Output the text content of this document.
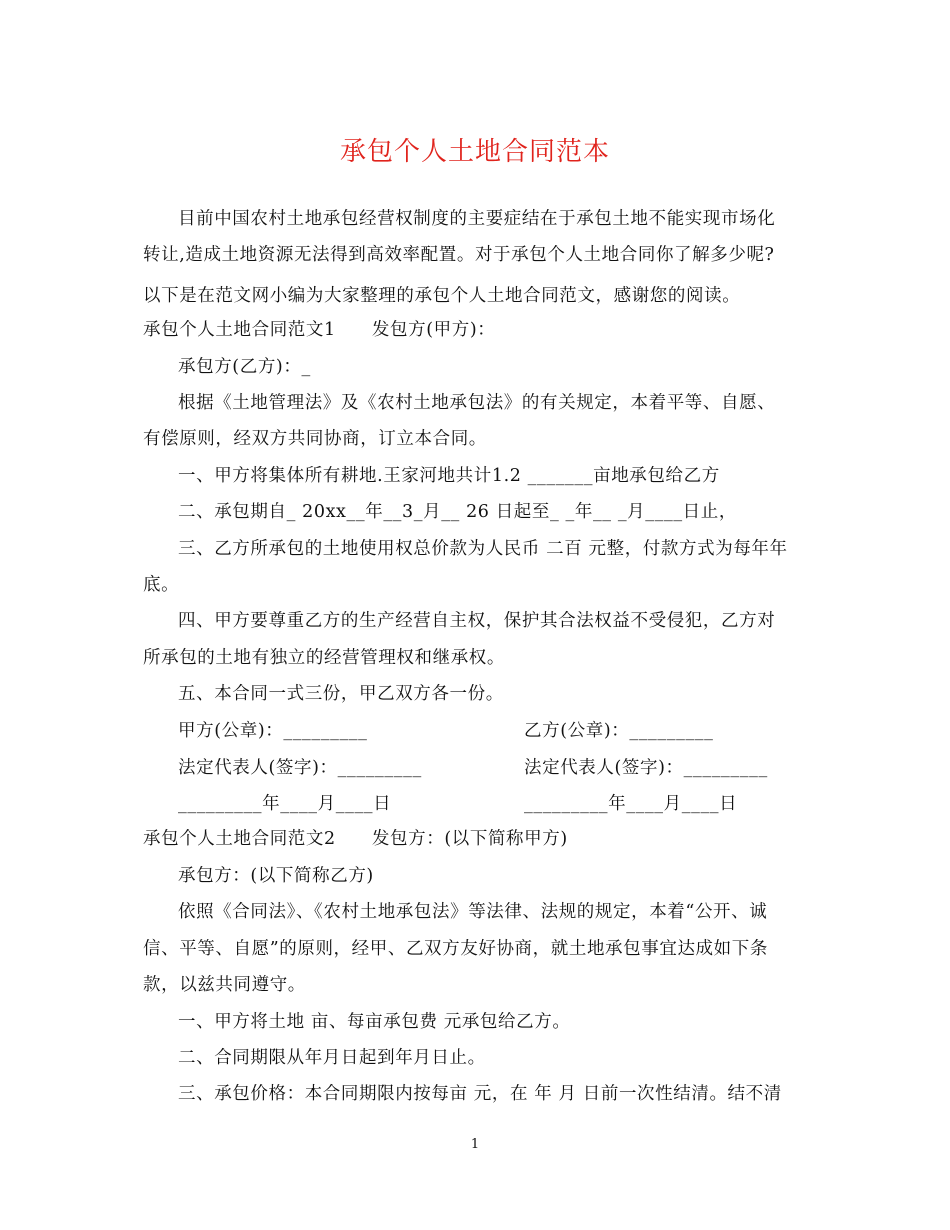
承包个人土地合同范本
目前中国农村土地承包经营权制度的主要症结在于承包土地不能实现市场化
转让,造成土地资源无法得到高效率配置。对于承包个人土地合同你了解多少呢?
以下是在范文网小编为大家整理的承包个人土地合同范文，感谢您的阅读。
承包个人土地合同范文1　　发包方(甲方)：
承包方(乙方)：_
根据《土地管理法》及《农村土地承包法》的有关规定，本着平等、自愿、
有偿原则，经双方共同协商，订立本合同。
一、甲方将集体所有耕地.王家河地共计1.2 _______亩地承包给乙方
二、承包期自_ 20xx__年__3_月__ 26 日起至_ _年__ _月____日止，
三、乙方所承包的土地使用权总价款为人民币 二百 元整，付款方式为每年年
底。
四、甲方要尊重乙方的生产经营自主权，保护其合法权益不受侵犯，乙方对
所承包的土地有独立的经营管理权和继承权。
五、本合同一式三份，甲乙双方各一份。
甲方(公章)：_________	乙方(公章)：_________
法定代表人(签字)：_________	法定代表人(签字)：_________
_________年____月____日	_________年____月____日
承包个人土地合同范文2　　发包方：(以下简称甲方)
承包方：(以下简称乙方)
依照《合同法》、《农村土地承包法》等法律、法规的规定，本着“公开、诚
信、平等、自愿”的原则，经甲、乙双方友好协商，就土地承包事宜达成如下条
款，以兹共同遵守。
一、甲方将土地 亩、每亩承包费 元承包给乙方。
二、合同期限从年月日起到年月日止。
三、承包价格：本合同期限内按每亩 元，在 年 月 日前一次性结清。结不清
1
